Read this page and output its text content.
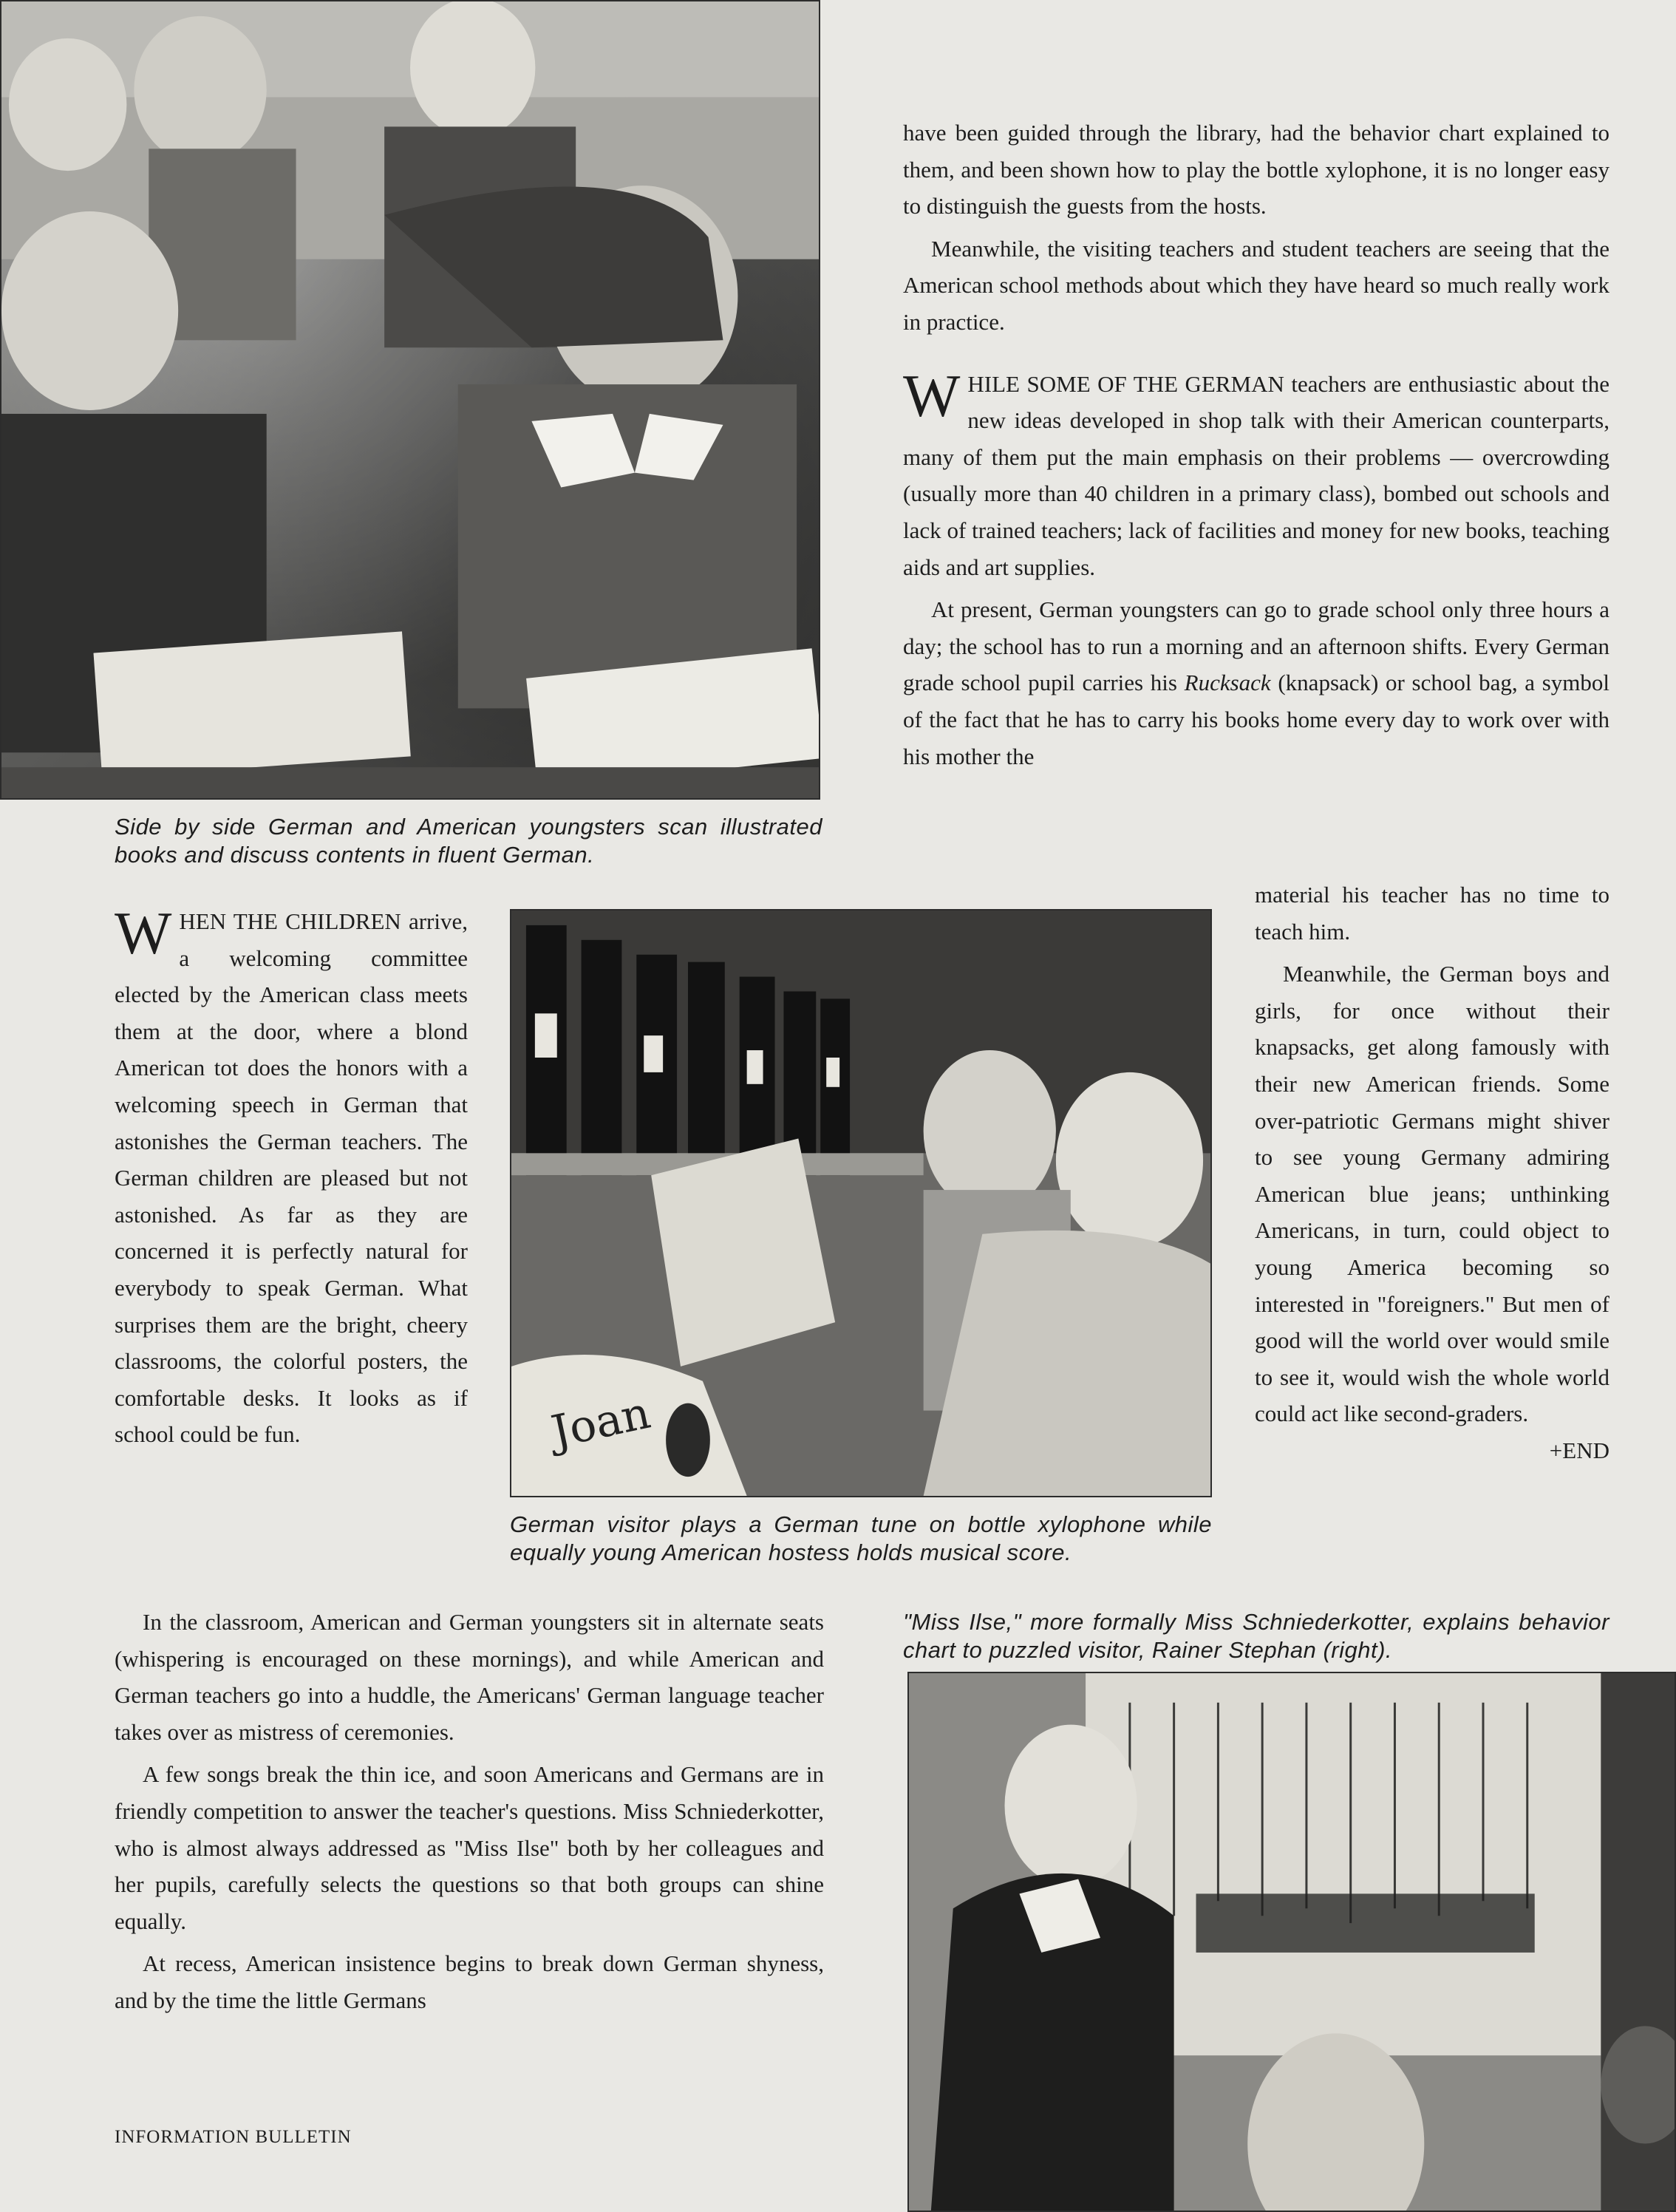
Side by side German and American youngsters scan illustrated books and discuss contents in fluent German.

have been guided through the library, had the behavior chart explained to them, and been shown how to play the bottle xylophone, it is no longer easy to distinguish the guests from the hosts.

Meanwhile, the visiting teachers and student teachers are seeing that the American school methods about which they have heard so much really work in practice.

WHILE SOME OF THE GERMAN teachers are enthusiastic about the new ideas developed in shop talk with their American counterparts, many of them put the main emphasis on their problems — overcrowding (usually more than 40 children in a primary class), bombed out schools and lack of trained teachers; lack of facilities and money for new books, teaching aids and art supplies.

At present, German youngsters can go to grade school only three hours a day; the school has to run a morning and an afternoon shifts. Every German grade school pupil carries his Rucksack (knapsack) or school bag, a symbol of the fact that he has to carry his books home every day to work over with his mother the

material his teacher has no time to teach him.

Meanwhile, the German boys and girls, for once without their knapsacks, get along famously with their new American friends. Some over-patriotic Germans might shiver to see young Germany admiring American blue jeans; unthinking Americans, in turn, could object to young America becoming so interested in "foreigners." But men of good will the world over would smile to see it, would wish the whole world could act like second-graders.
+END

Joan
German visitor plays a German tune on bottle xylophone while equally young American hostess holds musical score.

WHEN THE CHILDREN arrive, a welcoming committee elected by the American class meets them at the door, where a blond American tot does the honors with a welcoming speech in German that astonishes the German teachers. The German children are pleased but not astonished. As far as they are concerned it is perfectly natural for everybody to speak German. What surprises them are the bright, cheery classrooms, the colorful posters, the comfortable desks. It looks as if school could be fun.

In the classroom, American and German youngsters sit in alternate seats (whispering is encouraged on these mornings), and while American and German teachers go into a huddle, the Americans' German language teacher takes over as mistress of ceremonies.

A few songs break the thin ice, and soon Americans and Germans are in friendly competition to answer the teacher's questions. Miss Schniederkotter, who is almost always addressed as "Miss Ilse" both by her colleagues and her pupils, carefully selects the questions so that both groups can shine equally.

At recess, American insistence begins to break down German shyness, and by the time the little Germans

"Miss Ilse," more formally Miss Schniederkotter, explains behavior chart to puzzled visitor, Rainer Stephan (right).
INFORMATION BULLETIN
